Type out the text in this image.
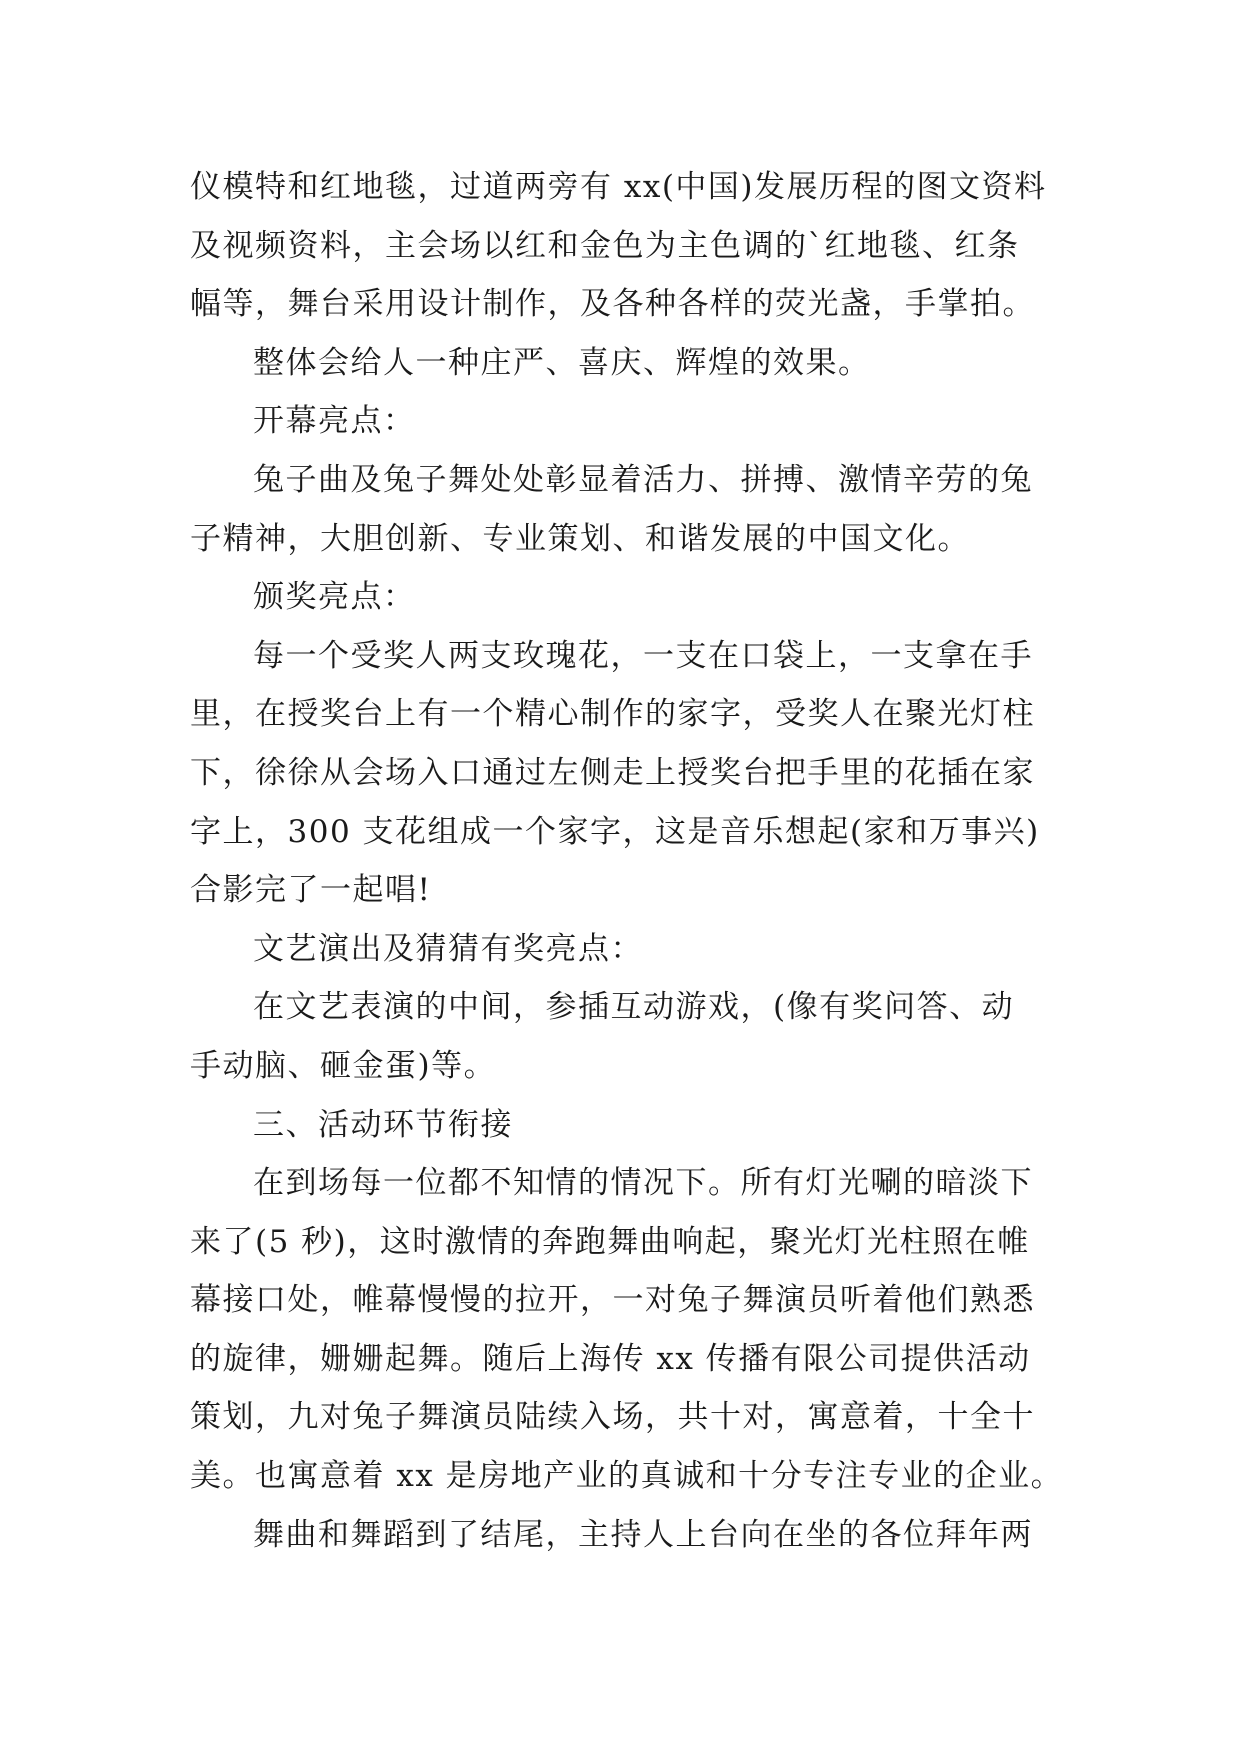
仪模特和红地毯，过道两旁有 xx(中国)发展历程的图文资料
及视频资料，主会场以红和金色为主色调的`红地毯、红条
幅等，舞台采用设计制作，及各种各样的荧光盏，手掌拍。
整体会给人一种庄严、喜庆、辉煌的效果。
开幕亮点：
兔子曲及兔子舞处处彰显着活力、拼搏、激情辛劳的兔
子精神，大胆创新、专业策划、和谐发展的中国文化。
颁奖亮点：
每一个受奖人两支玫瑰花，一支在口袋上，一支拿在手
里，在授奖台上有一个精心制作的家字，受奖人在聚光灯柱
下，徐徐从会场入口通过左侧走上授奖台把手里的花插在家
字上，300 支花组成一个家字，这是音乐想起(家和万事兴)
合影完了一起唱!
文艺演出及猜猜有奖亮点：
在文艺表演的中间，参插互动游戏，(像有奖问答、动
手动脑、砸金蛋)等。
三、活动环节衔接
在到场每一位都不知情的情况下。所有灯光唰的暗淡下
来了(5 秒)，这时激情的奔跑舞曲响起，聚光灯光柱照在帷
幕接口处，帷幕慢慢的拉开，一对兔子舞演员听着他们熟悉
的旋律，姗姗起舞。随后上海传 xx 传播有限公司提供活动
策划，九对兔子舞演员陆续入场，共十对，寓意着，十全十
美。也寓意着 xx 是房地产业的真诚和十分专注专业的企业。
舞曲和舞蹈到了结尾，主持人上台向在坐的各位拜年两
